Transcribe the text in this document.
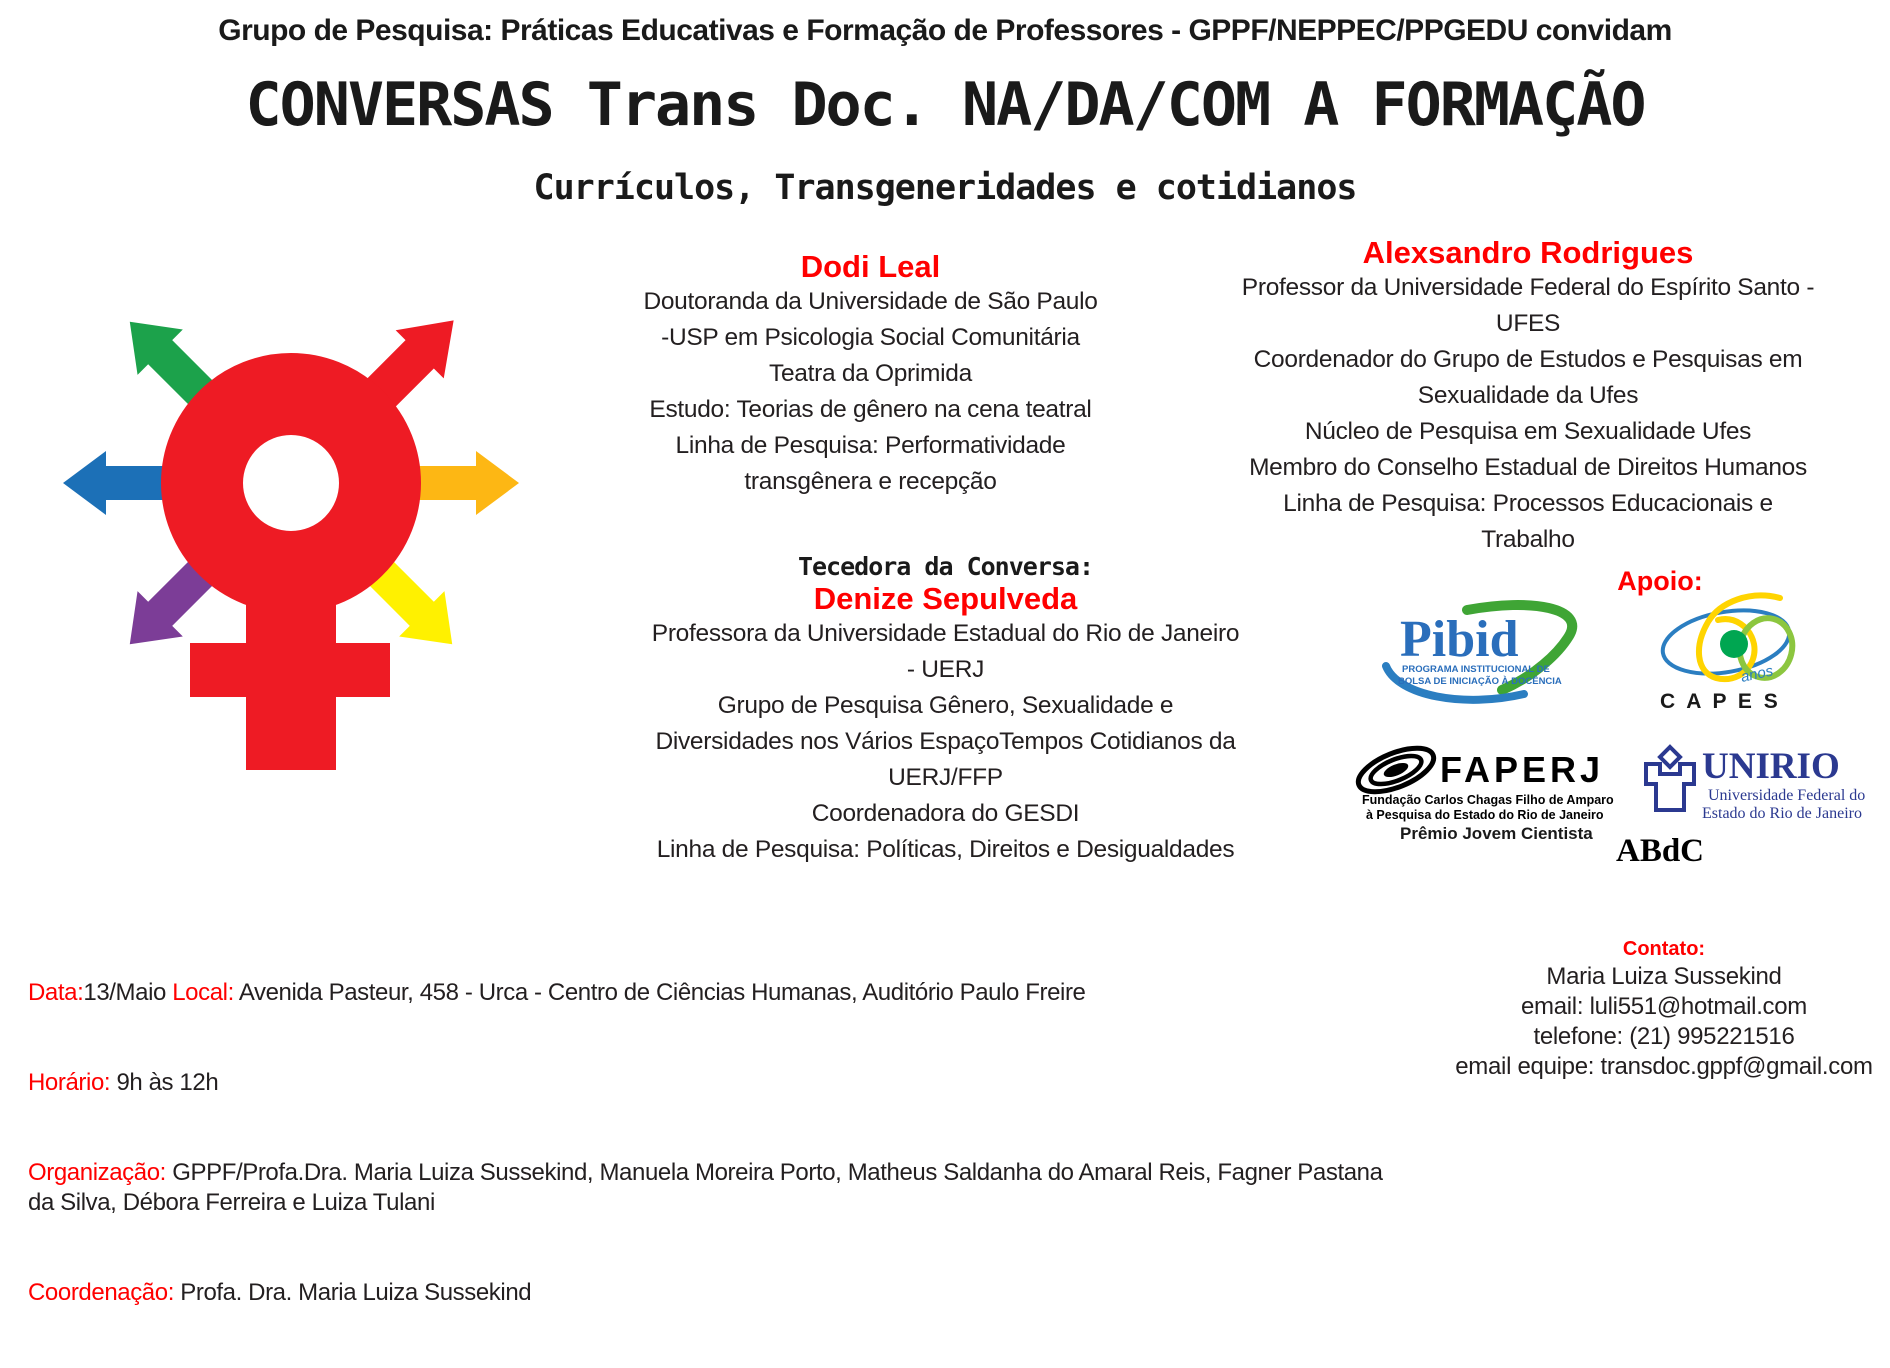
Grupo de Pesquisa: Práticas Educativas e Formação de Professores - GPPF/NEPPEC/PPGEDU convidam
CONVERSAS Trans Doc. NA/DA/COM A FORMAÇÃO
Currículos, Transgeneridades e cotidianos
Dodi Leal
Doutoranda da Universidade de São Paulo
-USP em Psicologia Social Comunitária
Teatra da Oprimida
Estudo: Teorias de gênero na cena teatral
Linha de Pesquisa: Performatividade
transgênera e recepção
Alexsandro Rodrigues
Professor da Universidade Federal do Espírito Santo -
UFES
Coordenador do Grupo de Estudos e Pesquisas em
Sexualidade da Ufes
Núcleo de Pesquisa em Sexualidade Ufes
Membro do Conselho Estadual de Direitos Humanos
Linha de Pesquisa: Processos Educacionais e
Trabalho
Tecedora da Conversa:
Denize Sepulveda
Professora da Universidade Estadual do Rio de Janeiro
- UERJ
Grupo de Pesquisa Gênero, Sexualidade e
Diversidades nos Vários EspaçoTempos Cotidianos da
UERJ/FFP
Coordenadora do GESDI
Linha de Pesquisa: Políticas, Direitos e Desigualdades
Apoio:
Pibid
PROGRAMA INSTITUCIONAL DE
BOLSA DE INICIAÇÃO À DOCÊNCIA	anos
C A P E S
FAPERJ
Fundação Carlos Chagas Filho de Amparo
à Pesquisa do Estado do Rio de Janeiro
Prêmio Jovem Cientista
UNIRIO
Universidade Federal do
Estado do Rio de Janeiro
ABdC

Data:13/Maio Local: Avenida Pasteur, 458 - Urca - Centro de Ciências Humanas, Auditório Paulo Freire

Horário: 9h às 12h

Organização: GPPF/Profa.Dra. Maria Luiza Sussekind, Manuela Moreira Porto, Matheus Saldanha do Amaral Reis, Fagner Pastana da Silva, Débora Ferreira e Luiza Tulani

Coordenação: Profa. Dra. Maria Luiza Sussekind

Contato:
Maria Luiza Sussekind
email: luli551@hotmail.com
telefone: (21) 995221516
email equipe: transdoc.gppf@gmail.com
